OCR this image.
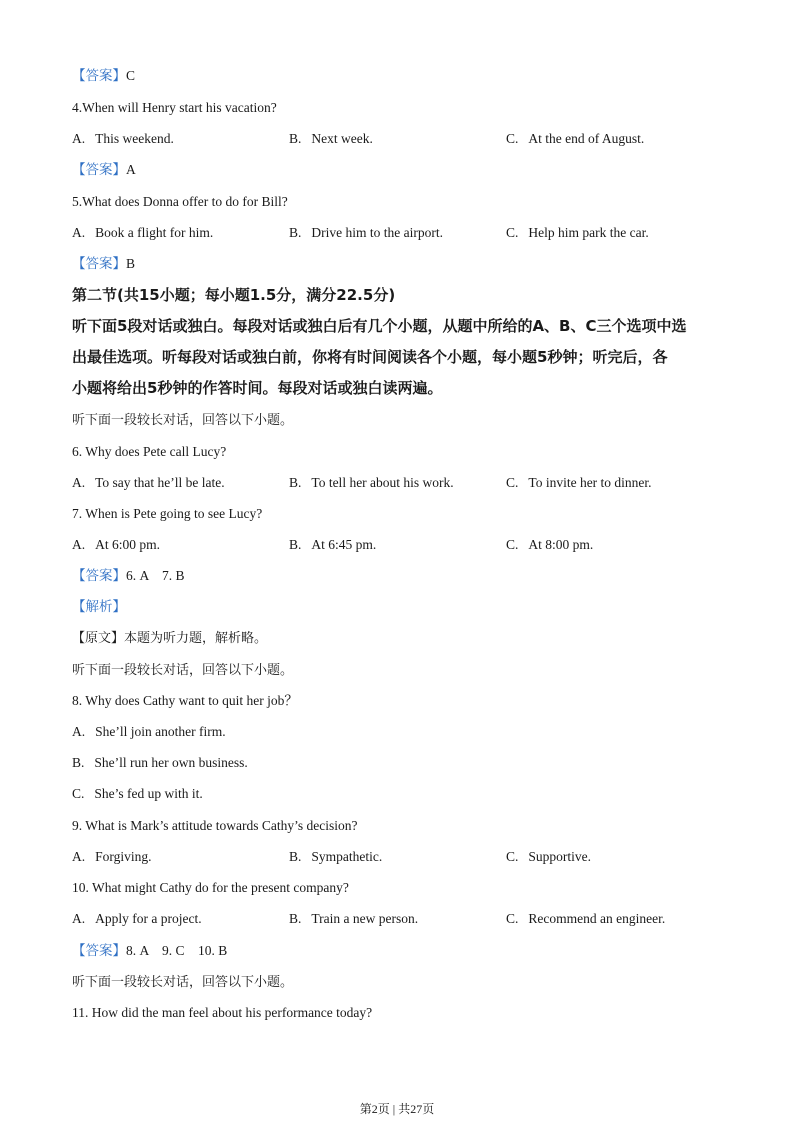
【答案】C
4.When will Henry start his vacation?
A. This weekend.	B. Next week.	C. At the end of August.
【答案】A
5.What does Donna offer to do for Bill?
A. Book a flight for him.	B. Drive him to the airport.	C. Help him park the car.
【答案】B
第二节(共15小题；每小题1.5分，满分22.5分)
听下面5段对话或独白。每段对话或独白后有几个小题，从题中所给的A、B、C三个选项中选
出最佳选项。听每段对话或独白前，你将有时间阅读各个小题，每小题5秒钟；听完后，各
小题将给出5秒钟的作答时间。每段对话或独白读两遍。
听下面一段较长对话，回答以下小题。
6. Why does Pete call Lucy?
A. To say that he’ll be late.	B. To tell her about his work.	C. To invite her to dinner.
7. When is Pete going to see Lucy?
A. At 6:00 pm.	B. At 6:45 pm.	C. At 8:00 pm.
【答案】6. A    7. B
【解析】
【原文】本题为听力题，解析略。
听下面一段较长对话，回答以下小题。
8. Why does Cathy want to quit her job？
A. She’ll join another firm.
B. She’ll run her own business.
C. She’s fed up with it.
9. What is Mark’s attitude towards Cathy’s decision?
A. Forgiving.	B. Sympathetic.	C. Supportive.
10. What might Cathy do for the present company?
A. Apply for a project.	B. Train a new person.	C. Recommend an engineer.
【答案】8. A    9. C    10. B
听下面一段较长对话，回答以下小题。
11. How did the man feel about his performance today?
第2页 | 共27页
